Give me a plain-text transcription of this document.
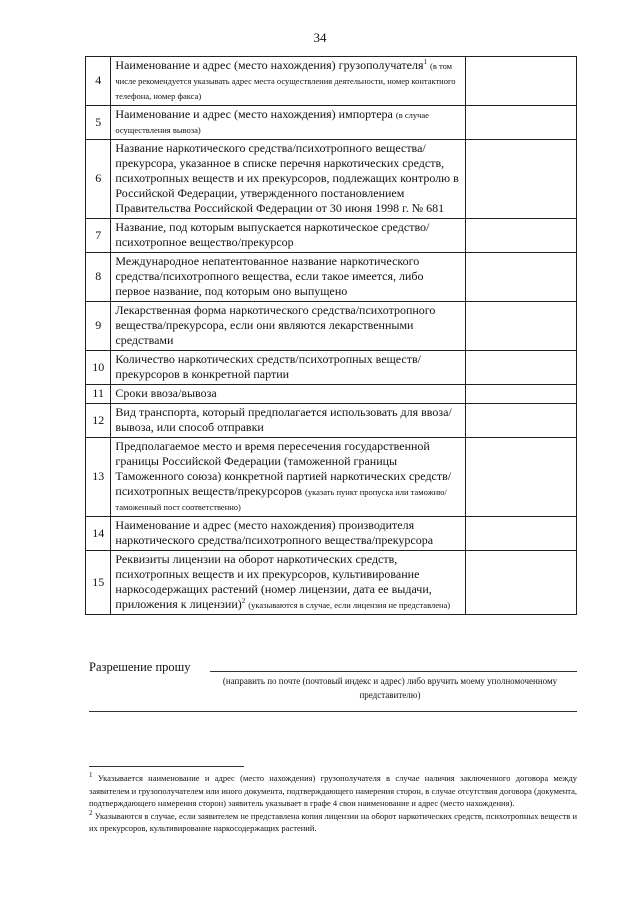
34
4	Наименование и адрес (место нахождения) грузополучателя$^1$ (в том числе рекомендуется указывать адрес места осуществления деятельности, номер контактного телефона, номер факса)	
5	Наименование и адрес (место нахождения) импортера (в случае осуществления вывоза)	
6	Название наркотического средства/психотропного вещества/прекурсора, указанное в списке перечня наркотических средств, психотропных веществ и их прекурсоров, подлежащих контролю в Российской Федерации, утвержденного постановлением Правительства Российской Федерации от 30 июня 1998 г. № 681	
7	Название, под которым выпускается наркотическое средство/психотропное вещество/прекурсор	
8	Международное непатентованное название наркотического средства/психотропного вещества, если такое имеется, либо первое название, под которым оно выпущено	
9	Лекарственная форма наркотического средства/психотропного вещества/прекурсора, если они являются лекарственными средствами	
10	Количество наркотических средств/психотропных веществ/прекурсоров в конкретной партии	
11	Сроки ввоза/вывоза	
12	Вид транспорта, который предполагается использовать для ввоза/вывоза, или способ отправки	
13	Предполагаемое место и время пересечения государственной границы Российской Федерации (таможенной границы Таможенного союза) конкретной партией наркотических средств/психотропных веществ/прекурсоров (указать пункт пропуска или таможню/таможенный пост соответственно)	
14	Наименование и адрес (место нахождения) производителя наркотического средства/психотропного вещества/прекурсора	
15	Реквизиты лицензии на оборот наркотических средств, психотропных веществ и их прекурсоров, культивирование наркосодержащих растений (номер лицензии, дата ее выдачи, приложения к лицензии)$^2$ (указываются в случае, если лицензия не представлена)	
Разрешение прошу
(направить по почте (почтовый индекс и адрес) либо вручить моему уполномоченному представителю)

$^1$ Указывается наименование и адрес (место нахождения) грузополучателя в случае наличия заключенного договора между заявителем и грузополучателем или иного документа, подтверждающего намерения сторон, в случае отсутствия договора (документа, подтверждающего намерения сторон) заявитель указывает в графе 4 свои наименование и адрес (место нахождения).

$^2$ Указываются в случае, если заявителем не представлена копия лицензии на оборот наркотических средств, психотропных веществ и их прекурсоров, культивирование наркосодержащих растений.
